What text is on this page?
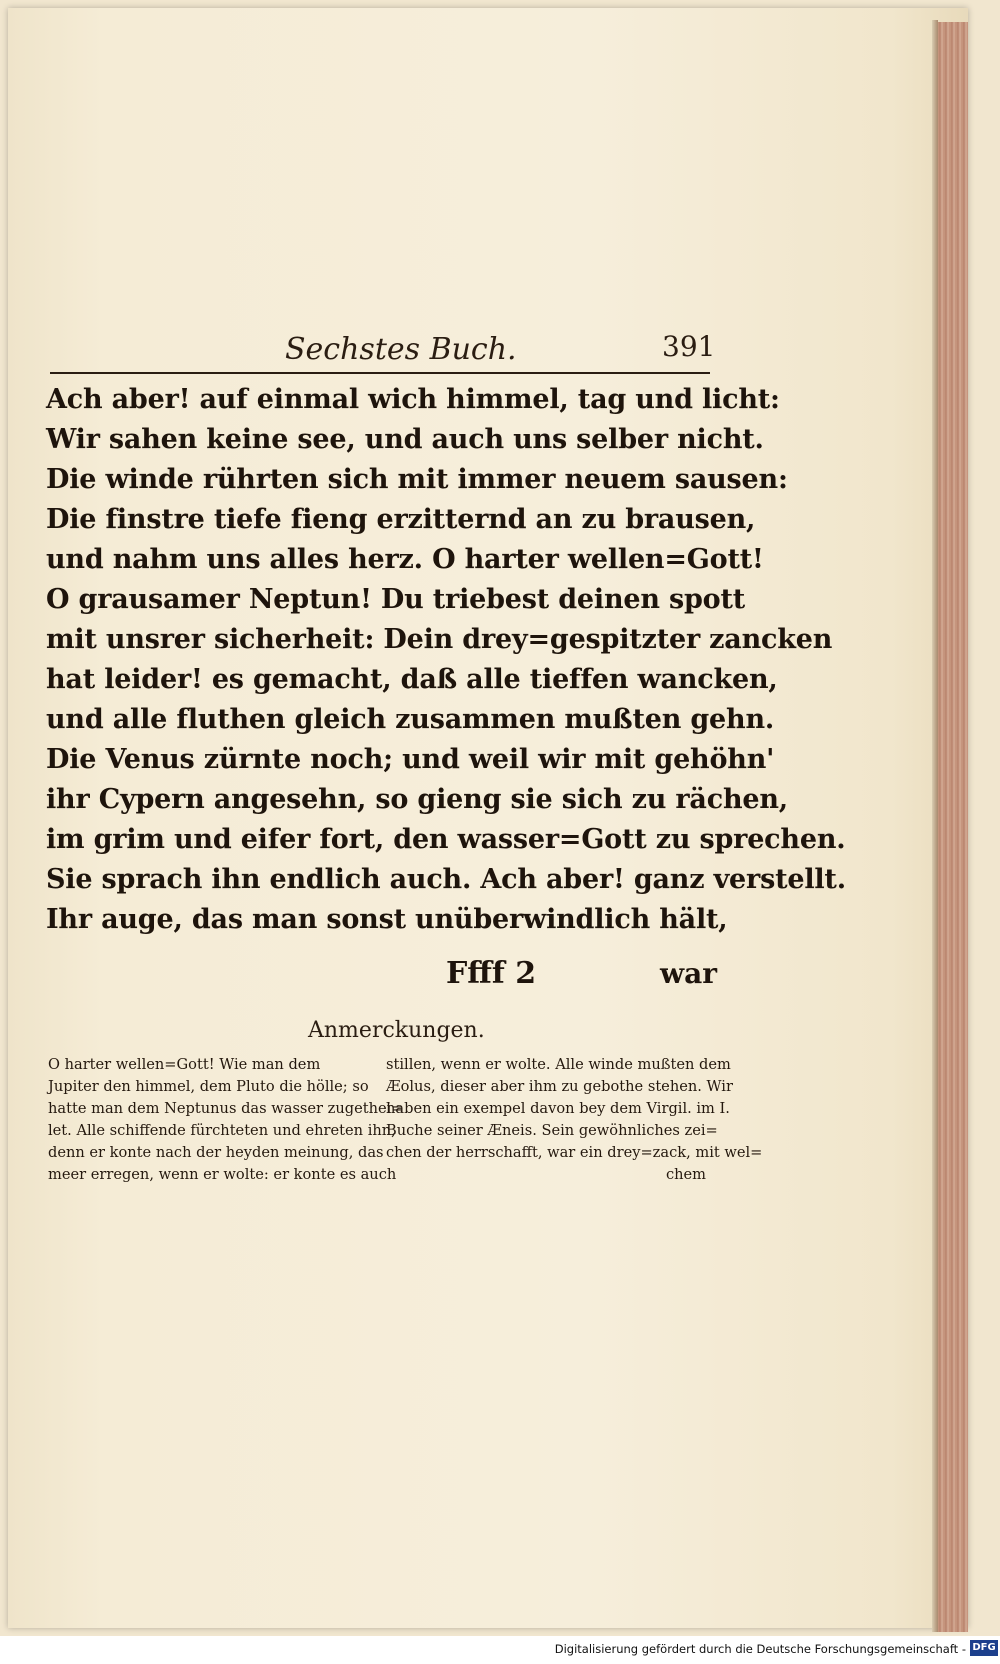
Sechstes Buch.	391
Ach aber! auf einmal wich himmel, tag und licht:
Wir sahen keine see, und auch uns selber nicht.
Die winde rührten sich mit immer neuem sausen:
Die finstre tiefe fieng erzitternd an zu brausen,
und nahm uns alles herz. O harter wellen=Gott!
O grausamer Neptun! Du triebest deinen spott
mit unsrer sicherheit: Dein drey=gespitzter zancken
hat leider! es gemacht, daß alle tieffen wancken,
und alle fluthen gleich zusammen mußten gehn.
Die Venus zürnte noch; und weil wir mit gehöhn'
ihr Cypern angesehn, so gieng sie sich zu rächen,
im grim und eifer fort, den wasser=Gott zu sprechen.
Sie sprach ihn endlich auch. Ach aber! ganz verstellt.
Ihr auge, das man sonst unüberwindlich hält,
Ffff 2	war
Anmerckungen.
O harter wellen=Gott! Wie man dem
Jupiter den himmel, dem Pluto die hölle; so
hatte man dem Neptunus das wasser zugethei=
let. Alle schiffende fürchteten und ehreten ihn,
denn er konte nach der heyden meinung, das
meer erregen, wenn er wolte: er konte es auch
stillen, wenn er wolte. Alle winde mußten dem
Æolus, dieser aber ihm zu gebothe stehen. Wir
haben ein exempel davon bey dem Virgil. im I.
Buche seiner Æneis. Sein gewöhnliches zei=
chen der herrschafft, war ein drey=zack, mit wel=
chem
Digitalisierung gefördert durch die Deutsche Forschungsgemeinschaft - DFG
